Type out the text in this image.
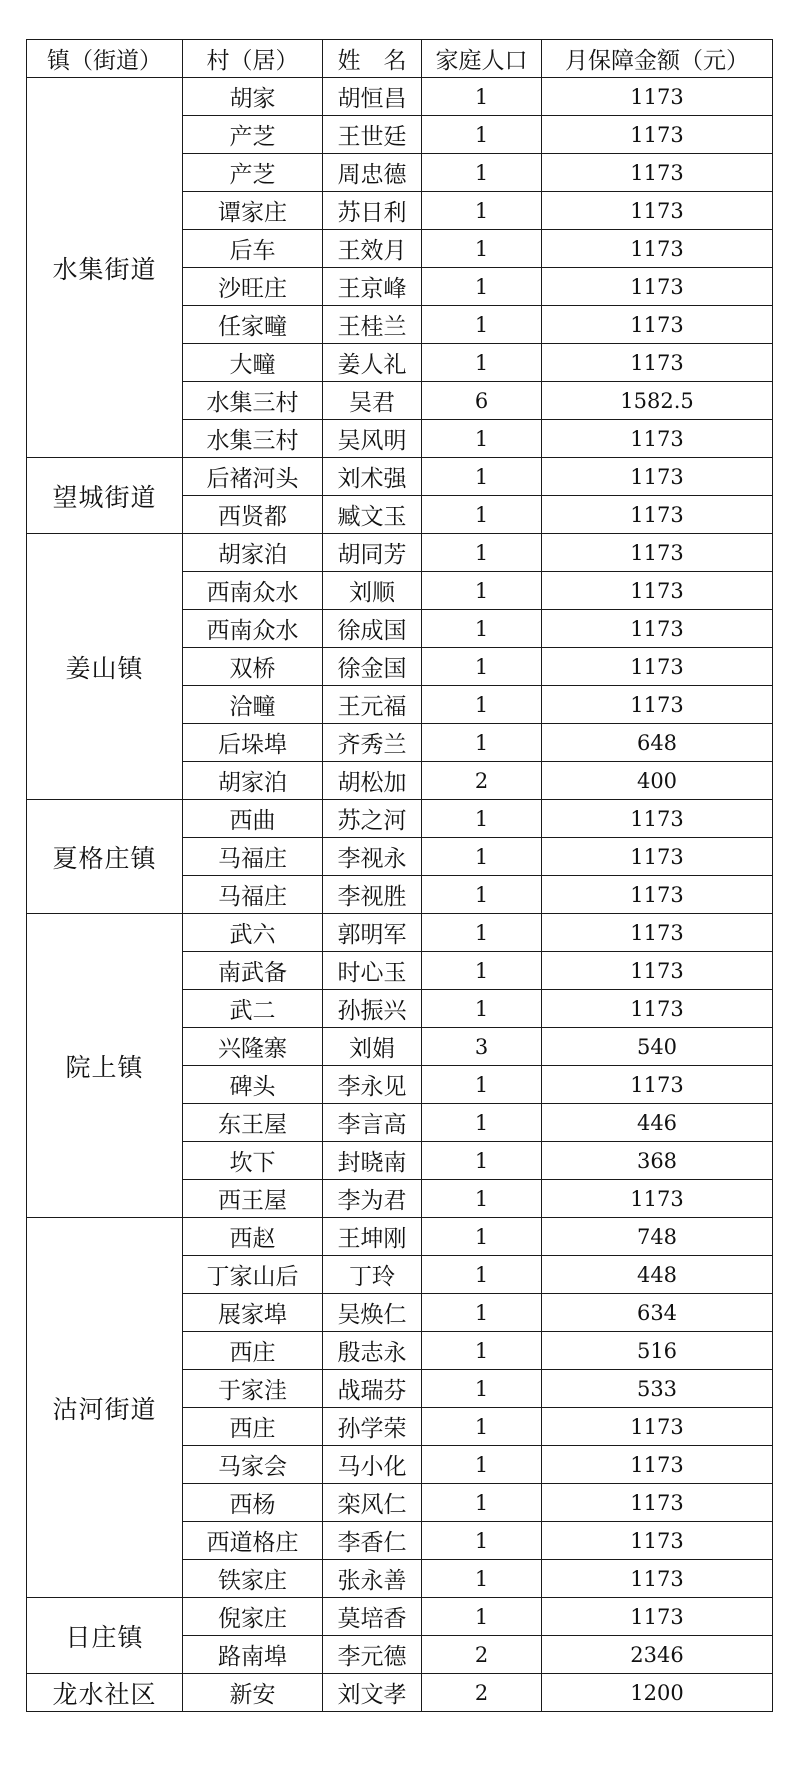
镇（街道）	村（居）	姓　名	家庭人口	月保障金额（元）
水集街道	胡家	胡恒昌	1	1173
	产芝	王世廷	1	1173
	产芝	周忠德	1	1173
	谭家庄	苏日利	1	1173
	后车	王效月	1	1173
	沙旺庄	王京峰	1	1173
	任家疃	王桂兰	1	1173
	大疃	姜人礼	1	1173
	水集三村	吴君	6	1582.5
	水集三村	吴风明	1	1173
望城街道	后褚河头	刘术强	1	1173
	西贤都	臧文玉	1	1173
姜山镇	胡家泊	胡同芳	1	1173
	西南众水	刘顺	1	1173
	西南众水	徐成国	1	1173
	双桥	徐金国	1	1173
	洽疃	王元福	1	1173
	后垛埠	齐秀兰	1	648
	胡家泊	胡松加	2	400
夏格庄镇	西曲	苏之河	1	1173
	马福庄	李视永	1	1173
	马福庄	李视胜	1	1173
院上镇	武六	郭明军	1	1173
	南武备	时心玉	1	1173
	武二	孙振兴	1	1173
	兴隆寨	刘娟	3	540
	碑头	李永见	1	1173
	东王屋	李言高	1	446
	坎下	封晓南	1	368
	西王屋	李为君	1	1173
沽河街道	西赵	王坤刚	1	748
	丁家山后	丁玲	1	448
	展家埠	吴焕仁	1	634
	西庄	殷志永	1	516
	于家洼	战瑞芬	1	533
	西庄	孙学荣	1	1173
	马家会	马小化	1	1173
	西杨	栾风仁	1	1173
	西道格庄	李香仁	1	1173
	铁家庄	张永善	1	1173
日庄镇	倪家庄	莫培香	1	1173
	路南埠	李元德	2	2346
龙水社区	新安	刘文孝	2	1200
